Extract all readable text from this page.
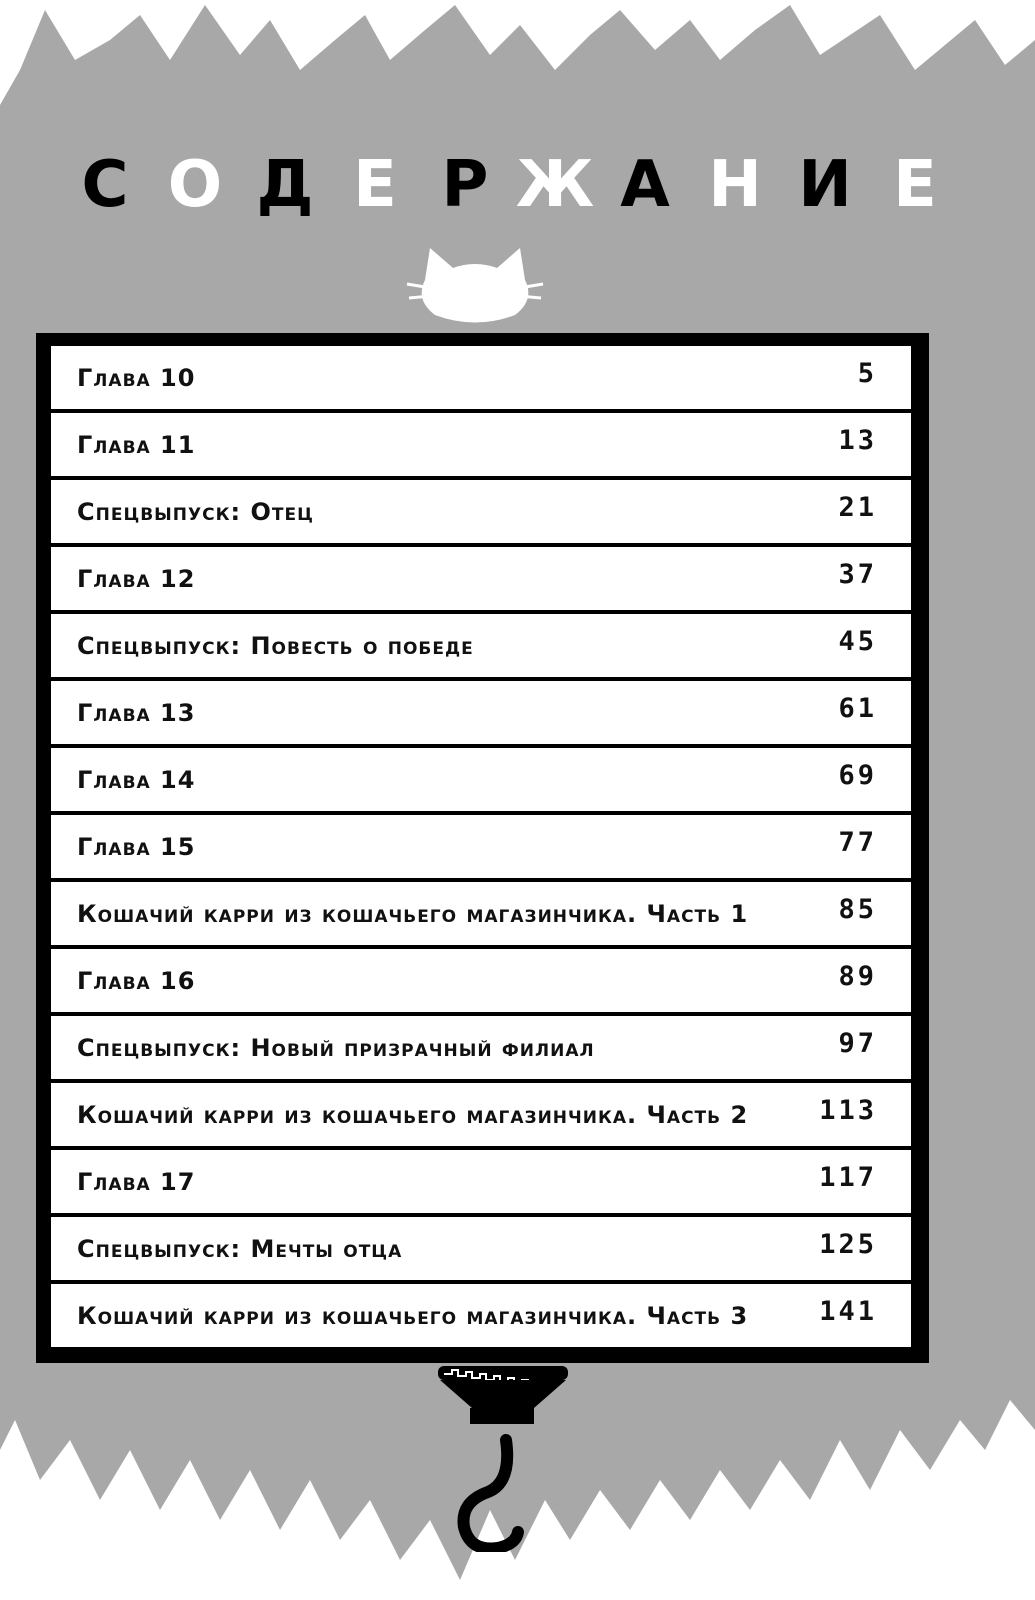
С О Д Е Р Ж А Н И Е
Глава 10	5
Глава 11	13
Спецвыпуск: Отец	21
Глава 12	37
Спецвыпуск: Повесть о победе	45
Глава 13	61
Глава 14	69
Глава 15	77
Кошачий карри из кошачьего магазинчика. Часть 1	85
Глава 16	89
Спецвыпуск: Новый призрачный филиал	97
Кошачий карри из кошачьего магазинчика. Часть 2	113
Глава 17	117
Спецвыпуск: Мечты отца	125
Кошачий карри из кошачьего магазинчика. Часть 3	141
